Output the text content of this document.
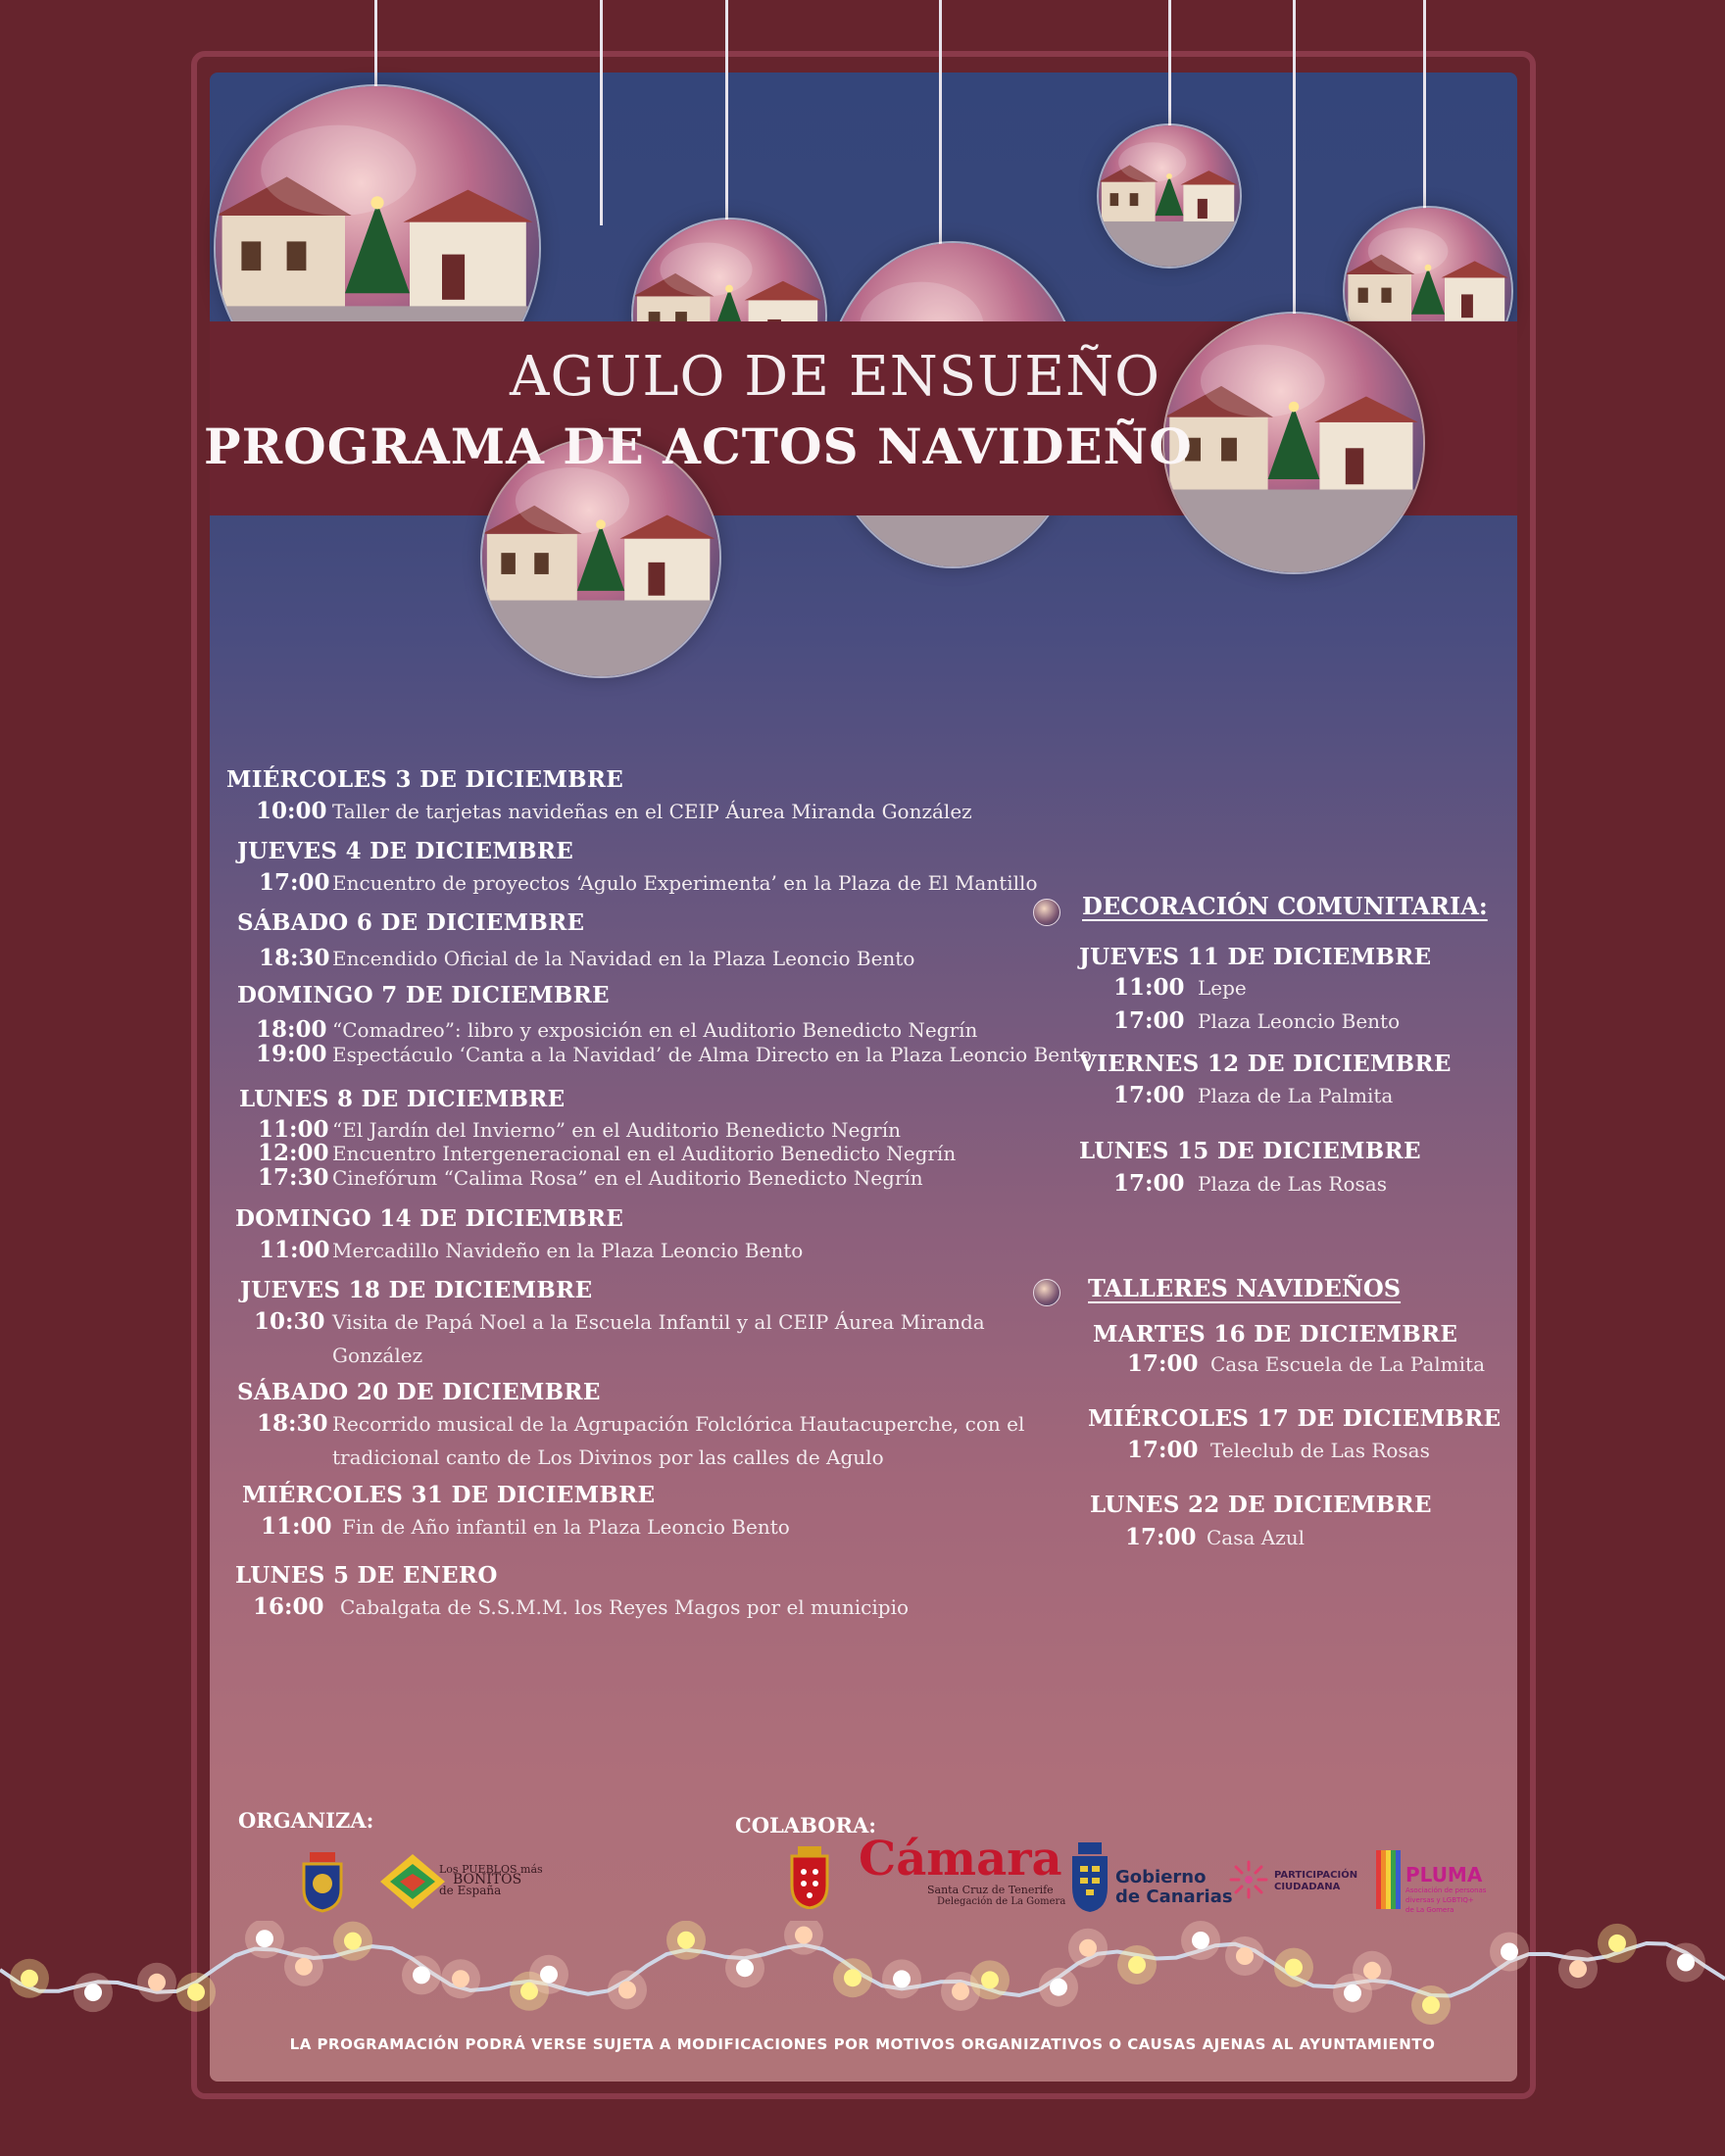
AGULO DE ENSUEÑO
PROGRAMA DE ACTOS NAVIDEÑO
MIÉRCOLES 3 DE DICIEMBRE
10:00 Taller de tarjetas navideñas en el CEIP Áurea Miranda González
JUEVES 4 DE DICIEMBRE
17:00 Encuentro de proyectos ‘Agulo Experimenta’ en la Plaza de El Mantillo
SÁBADO 6 DE DICIEMBRE
18:30 Encendido Oficial de la Navidad en la Plaza Leoncio Bento
DOMINGO 7 DE DICIEMBRE
18:00 “Comadreo”: libro y exposición en el Auditorio Benedicto Negrín
19:00 Espectáculo ‘Canta a la Navidad’ de Alma Directo en la Plaza Leoncio Bento
LUNES 8 DE DICIEMBRE
11:00 “El Jardín del Invierno” en el Auditorio Benedicto Negrín
12:00 Encuentro Intergeneracional en el Auditorio Benedicto Negrín
17:30 Cinefórum “Calima Rosa” en el Auditorio Benedicto Negrín
DOMINGO 14 DE DICIEMBRE
11:00 Mercadillo Navideño en la Plaza Leoncio Bento
JUEVES 18 DE DICIEMBRE
10:30 Visita de Papá Noel a la Escuela Infantil y al CEIP Áurea Miranda
González
SÁBADO 20 DE DICIEMBRE
18:30 Recorrido musical de la Agrupación Folclórica Hautacuperche, con el
tradicional canto de Los Divinos por las calles de Agulo
MIÉRCOLES 31 DE DICIEMBRE
11:00 Fin de Año infantil en la Plaza Leoncio Bento
LUNES 5 DE ENERO
16:00 Cabalgata de S.S.M.M. los Reyes Magos por el municipio
DECORACIÓN COMUNITARIA:
JUEVES 11 DE DICIEMBRE
11:00 Lepe
17:00 Plaza Leoncio Bento
VIERNES 12 DE DICIEMBRE
17:00 Plaza de La Palmita
LUNES 15 DE DICIEMBRE
17:00 Plaza de Las Rosas
TALLERES NAVIDEÑOS
MARTES 16 DE DICIEMBRE
17:00 Casa Escuela de La Palmita
MIÉRCOLES 17 DE DICIEMBRE
17:00 Teleclub de Las Rosas
LUNES 22 DE DICIEMBRE
17:00 Casa Azul
ORGANIZA:	COLABORA:
Los PUEBLOS más
BONITOS
de España
Cámara
Santa Cruz de Tenerife
Delegación de La Gomera
Gobierno
de Canarias
PARTICIPACIÓN
CIUDADANA
PLUMA
Asociación de personas
diversas y LGBTIQ+
de La Gomera
LA PROGRAMACIÓN PODRÁ VERSE SUJETA A MODIFICACIONES POR MOTIVOS ORGANIZATIVOS O CAUSAS AJENAS AL AYUNTAMIENTO
